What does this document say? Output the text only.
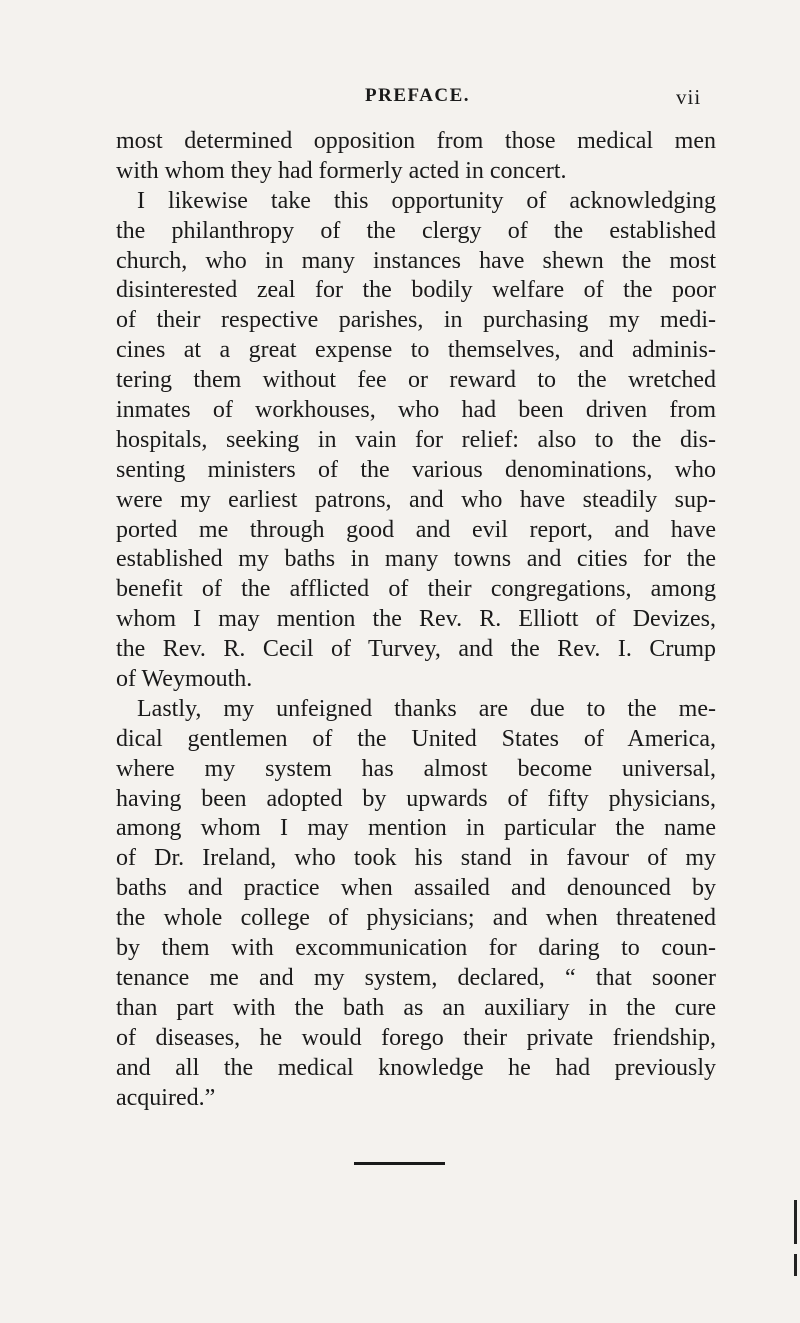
PREFACE.	vii
most determined opposition from those medical men
with whom they had formerly acted in concert.
I likewise take this opportunity of acknowledging
the philanthropy of the clergy of the established
church, who in many instances have shewn the most
disinterested zeal for the bodily welfare of the poor
of their respective parishes, in purchasing my medi-
cines at a great expense to themselves, and adminis-
tering them without fee or reward to the wretched
inmates of workhouses, who had been driven from
hospitals, seeking in vain for relief: also to the dis-
senting ministers of the various denominations, who
were my earliest patrons, and who have steadily sup-
ported me through good and evil report, and have
established my baths in many towns and cities for the
benefit of the afflicted of their congregations, among
whom I may mention the Rev. R. Elliott of Devizes,
the Rev. R. Cecil of Turvey, and the Rev. I. Crump
of Weymouth.
Lastly, my unfeigned thanks are due to the me-
dical gentlemen of the United States of America,
where my system has almost become universal,
having been adopted by upwards of fifty physicians,
among whom I may mention in particular the name
of Dr. Ireland, who took his stand in favour of my
baths and practice when assailed and denounced by
the whole college of physicians; and when threatened
by them with excommunication for daring to coun-
tenance me and my system, declared, “ that sooner
than part with the bath as an auxiliary in the cure
of diseases, he would forego their private friendship,
and all the medical knowledge he had previously
acquired.”
